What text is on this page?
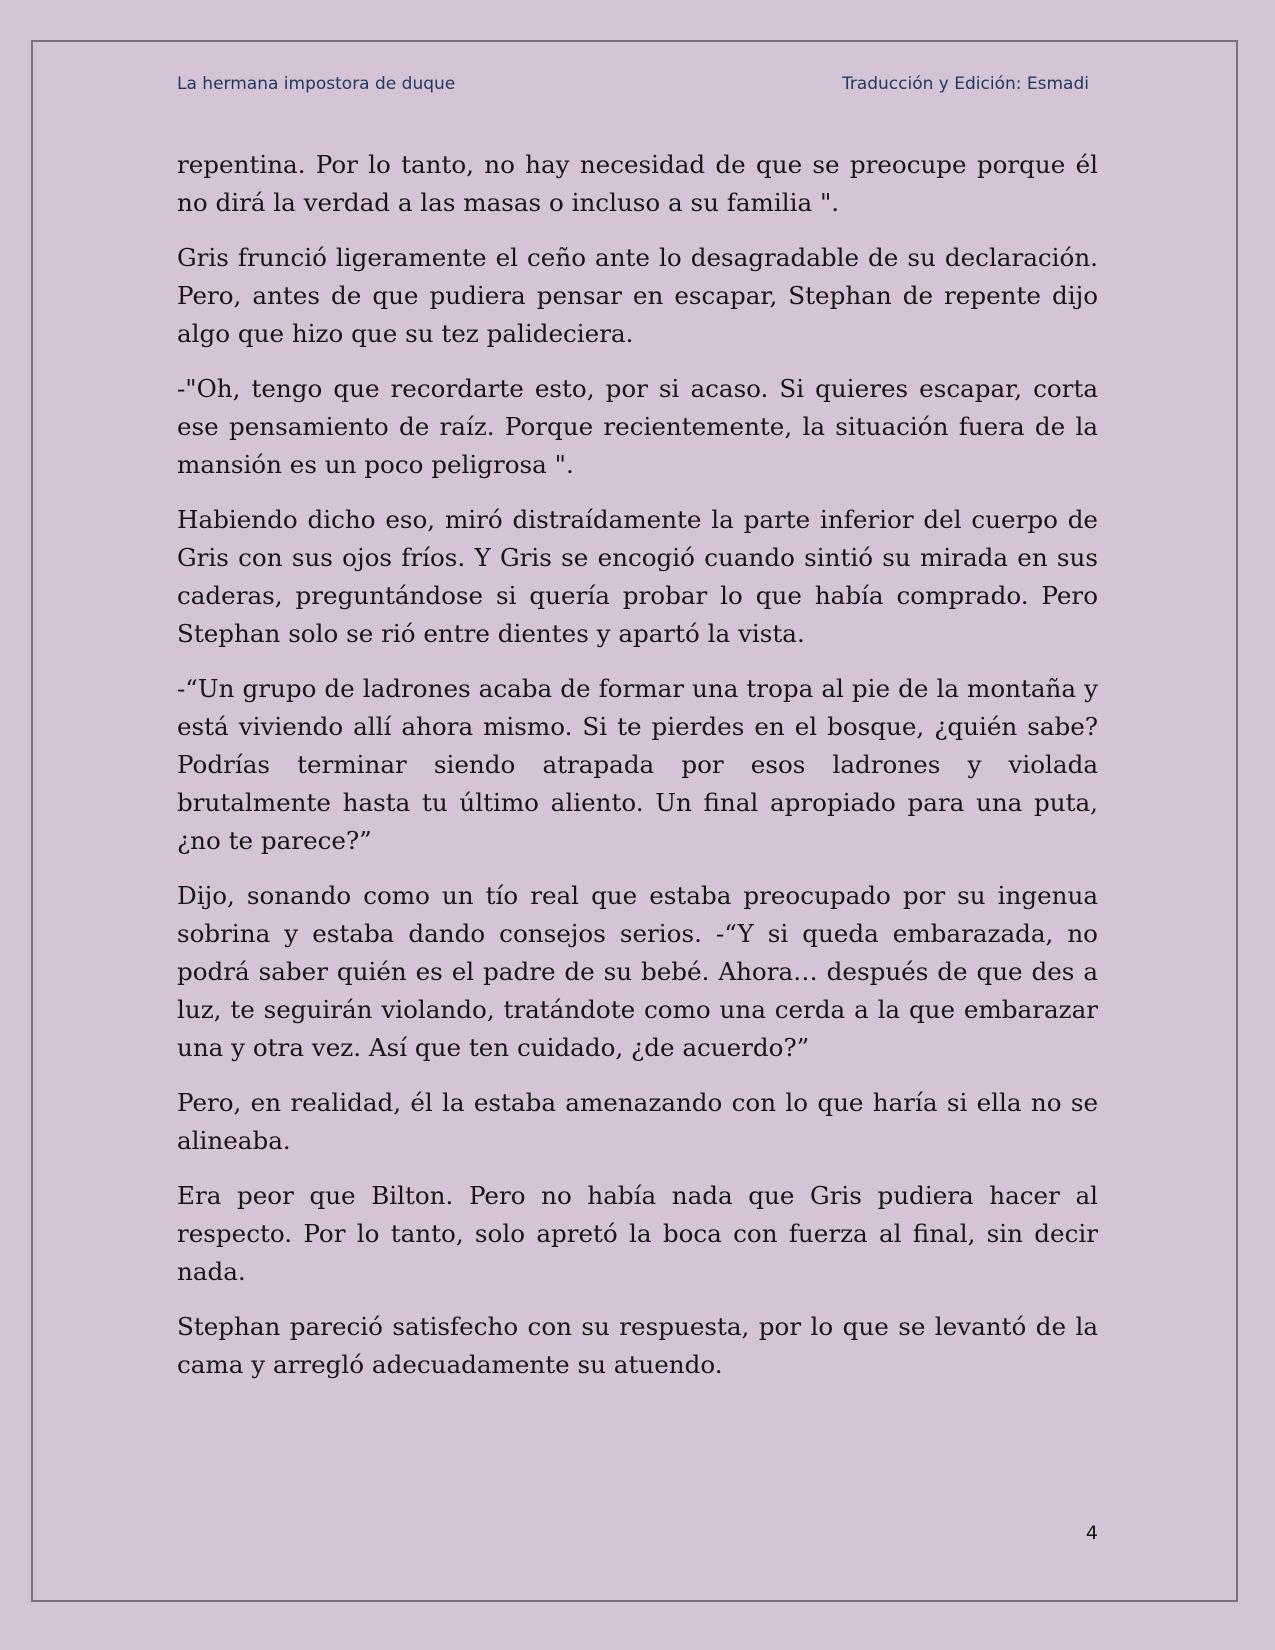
La hermana impostora de duque	Traducción y Edición: Esmadi

repentina. Por lo tanto, no hay necesidad de que se preocupe porque él no dirá la verdad a las masas o incluso a su familia ".

Gris frunció ligeramente el ceño ante lo desagradable de su declaración. Pero, antes de que pudiera pensar en escapar, Stephan de repente dijo algo que hizo que su tez palideciera.

-"Oh, tengo que recordarte esto, por si acaso. Si quieres escapar, corta ese pensamiento de raíz. Porque recientemente, la situación fuera de la mansión es un poco peligrosa ".

Habiendo dicho eso, miró distraídamente la parte inferior del cuerpo de Gris con sus ojos fríos. Y Gris se encogió cuando sintió su mirada en sus caderas, preguntándose si quería probar lo que había comprado. Pero Stephan solo se rió entre dientes y apartó la vista.

-“Un grupo de ladrones acaba de formar una tropa al pie de la montaña y está viviendo allí ahora mismo. Si te pierdes en el bosque, ¿quién sabe? Podrías terminar siendo atrapada por esos ladrones y violada brutalmente hasta tu último aliento. Un final apropiado para una puta, ¿no te parece?”

Dijo, sonando como un tío real que estaba preocupado por su ingenua sobrina y estaba dando consejos serios. -“Y si queda embarazada, no podrá saber quién es el padre de su bebé. Ahora… después de que des a luz, te seguirán violando, tratándote como una cerda a la que embarazar una y otra vez. Así que ten cuidado, ¿de acuerdo?”

Pero, en realidad, él la estaba amenazando con lo que haría si ella no se alineaba.

Era peor que Bilton. Pero no había nada que Gris pudiera hacer al respecto. Por lo tanto, solo apretó la boca con fuerza al final, sin decir nada.

Stephan pareció satisfecho con su respuesta, por lo que se levantó de la cama y arregló adecuadamente su atuendo.

4
